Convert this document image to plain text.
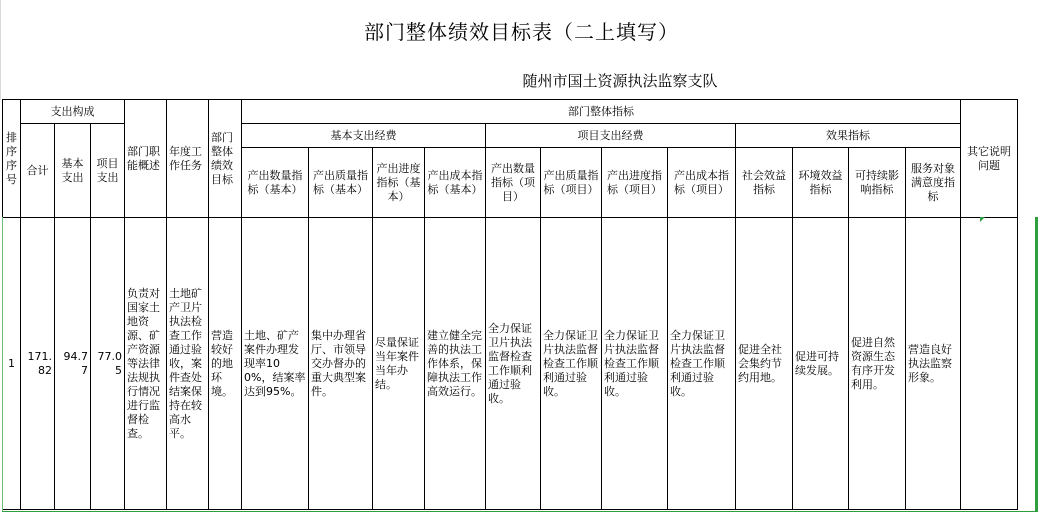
部门整体绩效目标表（二上填写）
随州市国土资源执法监察支队
排序序号	支出构成			部门职能概述	年度工作任务	部门整体绩效目标	部门整体指标												其它说明问题
	合计	基本支出	项目支出				基本支出经费				项目支出经费				效果指标				
							产出数量指标（基本）	产出质量指标（基本）	产出进度指标（基本）	产出成本指标（基本）	产出数量指标（项目）	产出质量指标（项目）	产出进度指标（项目）	产出成本指标（项目）	社会效益指标	环境效益指标	可持续影响指标	服务对象满意度指标	
1	171.82	94.77	77.05	负责对国家土地资源、矿产资源等法律法规执行情况进行监督检查。	土地矿产卫片执法检查工作通过验收，案件查处结案保持在较高水平。	营造较好的地环境。	土地、矿产案件办理发现率100%，结案率达到95%。	集中办理省厅、市领导交办督办的重大典型案件。	尽量保证当年案件当年办结。	建立健全完善的执法工作体系，保障执法工作高效运行。	全力保证卫片执法监督检查工作顺利通过验收。	全力保证卫片执法监督检查工作顺利通过验收。	全力保证卫片执法监督检查工作顺利通过验收。	全力保证卫片执法监督检查工作顺利通过验收。	促进全社会集约节约用地。	促进可持续发展。	促进自然资源生态有序开发利用。	营造良好执法监察形象。	
